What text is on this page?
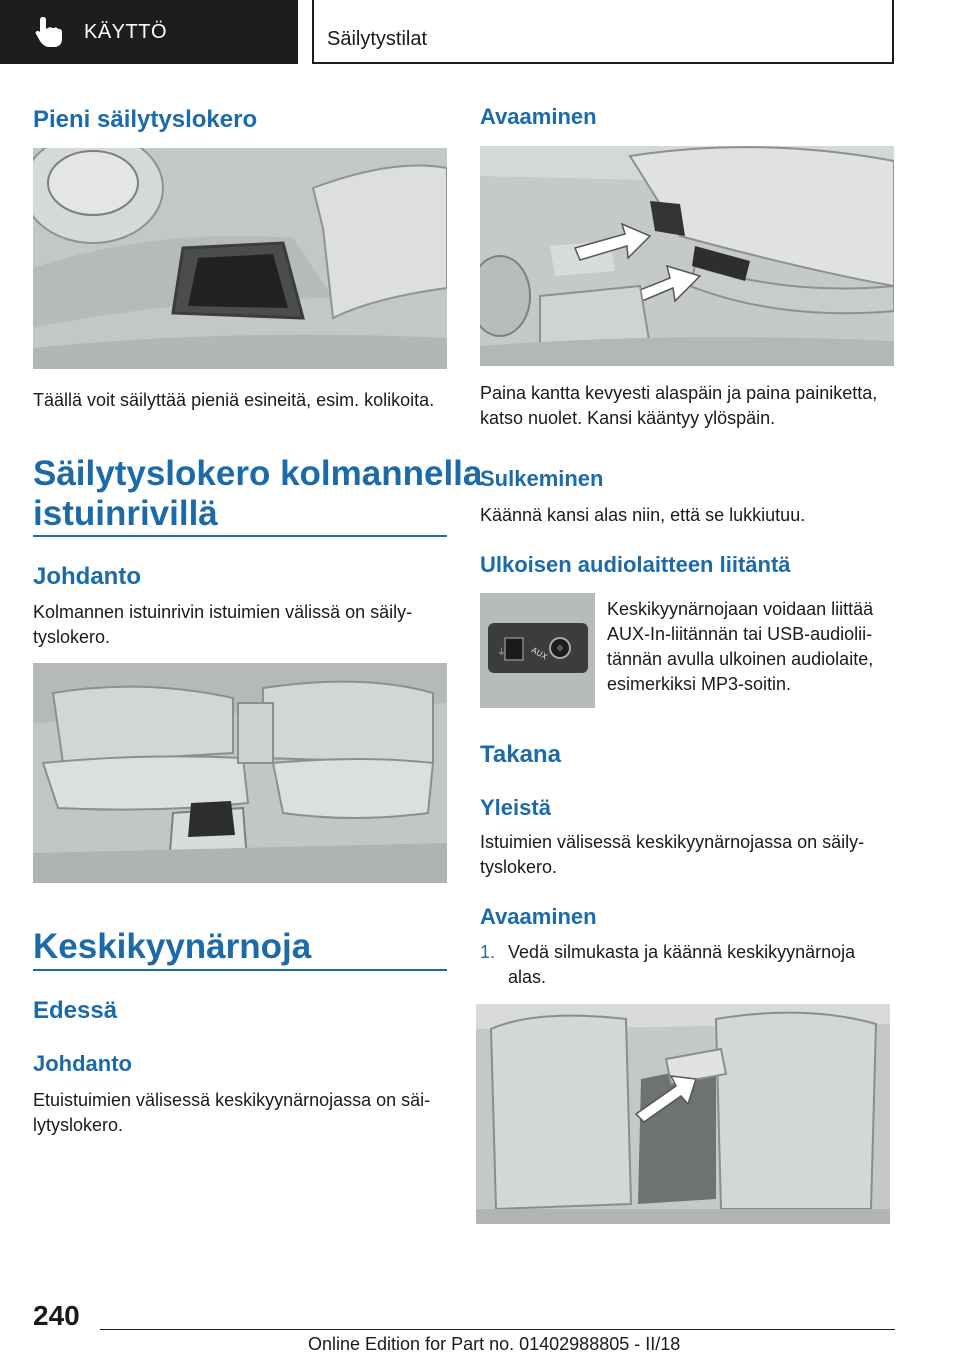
KÄYTTÖ	Säilytystilat
Pieni säilytyslokero
Täällä voit säilyttää pieniä esineitä, esim. kolikoita.
Säilytyslokero kolmannella
istuinrivillä
Johdanto
Kolmannen istuinrivin istuimien välissä on säily-
tyslokero.
Keskikyynärnoja
Edessä
Johdanto
Etuistuimien välisessä keskikyynärnojassa on säi-
lytyslokero.
Avaaminen
Paina kantta kevyesti alaspäin ja paina painiketta,
katso nuolet. Kansi kääntyy ylöspäin.
Sulkeminen
Käännä kansi alas niin, että se lukkiutuu.
Ulkoisen audiolaitteen liitäntä
⏚	AUX
Keskikyynärnojaan voidaan liittää
AUX-In-liitännän tai USB-audiolii-
tännän avulla ulkoinen audiolaite,
esimerkiksi MP3-soitin.
Takana
Yleistä
Istuimien välisessä keskikyynärnojassa on säily-
tyslokero.
Avaaminen
1. Vedä silmukasta ja käännä keskikyynärnoja
alas.
240
Online Edition for Part no. 01402988805 - II/18
